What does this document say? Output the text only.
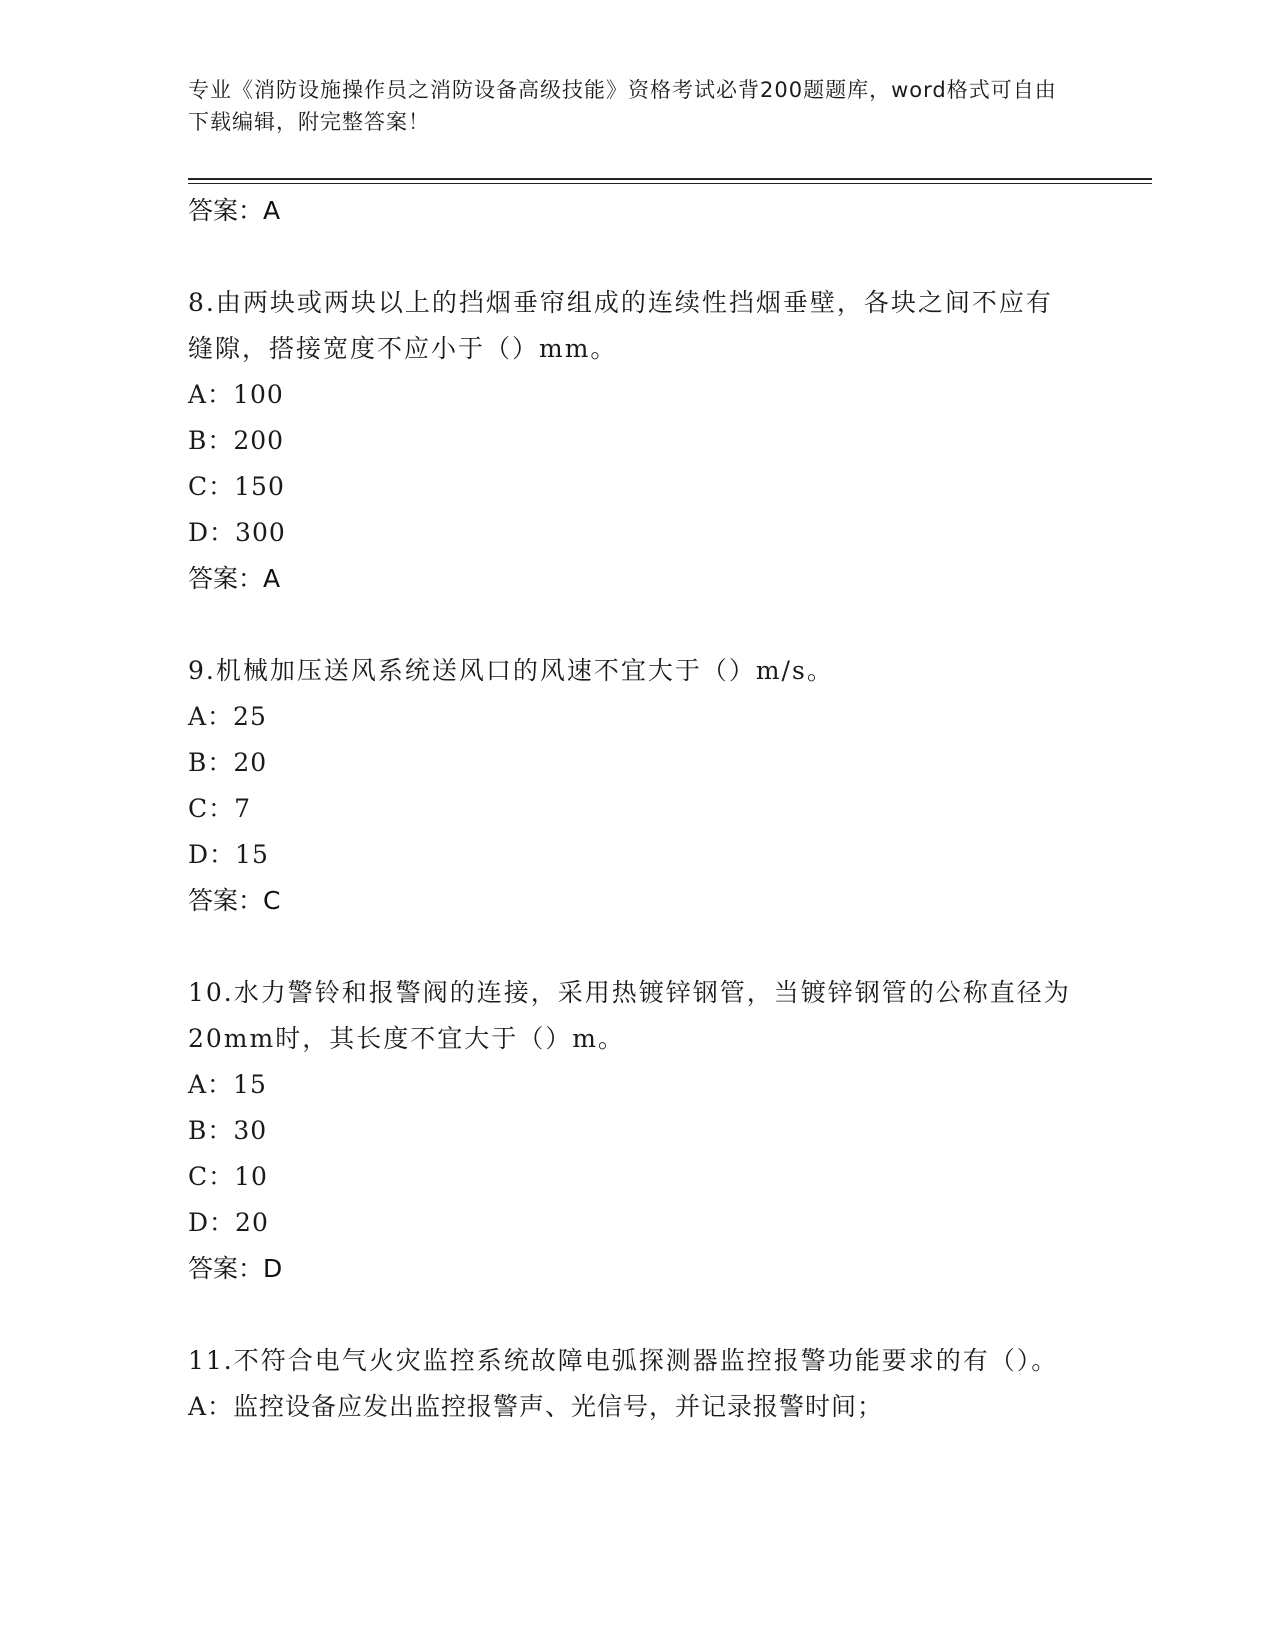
专业《消防设施操作员之消防设备高级技能》资格考试必背200题题库，word格式可自由下载编辑，附完整答案！
答案：A
8.由两块或两块以上的挡烟垂帘组成的连续性挡烟垂壁，各块之间不应有缝隙，搭接宽度不应小于（）mm。
A：100
B：200
C：150
D：300
答案：A
9.机械加压送风系统送风口的风速不宜大于（）m/s。
A：25
B：20
C：7
D：15
答案：C
10.水力警铃和报警阀的连接，采用热镀锌钢管，当镀锌钢管的公称直径为20mm时，其长度不宜大于（）m。
A：15
B：30
C：10
D：20
答案：D
11.不符合电气火灾监控系统故障电弧探测器监控报警功能要求的有（）。
A：监控设备应发出监控报警声、光信号，并记录报警时间；
